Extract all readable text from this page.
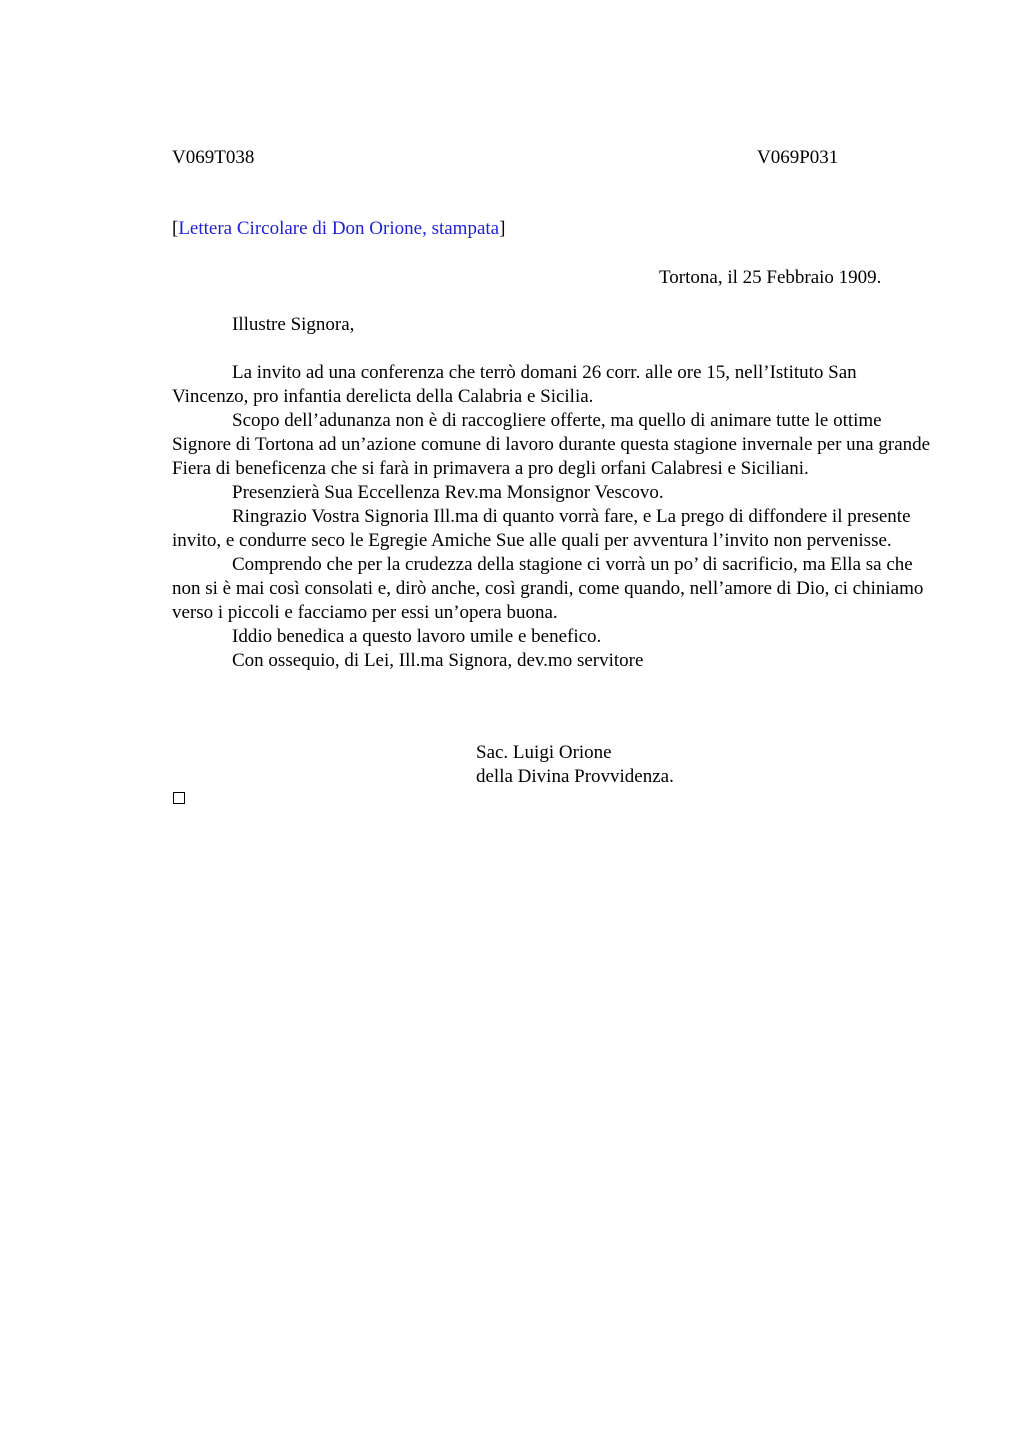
V069T038	V069P031
[Lettera Circolare di Don Orione, stampata]
Tortona, il 25 Febbraio 1909.
Illustre Signora,

La invito ad una conferenza che terrò domani 26 corr. alle ore 15, nell’Istituto San Vincenzo, pro infantia derelicta della Calabria e Sicilia.

Scopo dell’adunanza non è di raccogliere offerte, ma quello di animare tutte le ottime Signore di Tortona ad un’azione comune di lavoro durante questa stagione invernale per una grande Fiera di beneficenza che si farà in primavera a pro degli orfani Calabresi e Siciliani.

Presenzierà Sua Eccellenza Rev.ma Monsignor Vescovo.

Ringrazio Vostra Signoria Ill.ma di quanto vorrà fare, e La prego di diffondere il presente invito, e condurre seco le Egregie Amiche Sue alle quali per avventura l’invito non pervenisse.

Comprendo che per la crudezza della stagione ci vorrà un po’ di sacrificio, ma Ella sa che non si è mai così consolati e, dirò anche, così grandi, come quando, nell’amore di Dio, ci chiniamo verso i piccoli e facciamo per essi un’opera buona.

Iddio benedica a questo lavoro umile e benefico.

Con ossequio, di Lei, Ill.ma Signora, dev.mo servitore

Sac. Luigi Orione
della Divina Provvidenza.
